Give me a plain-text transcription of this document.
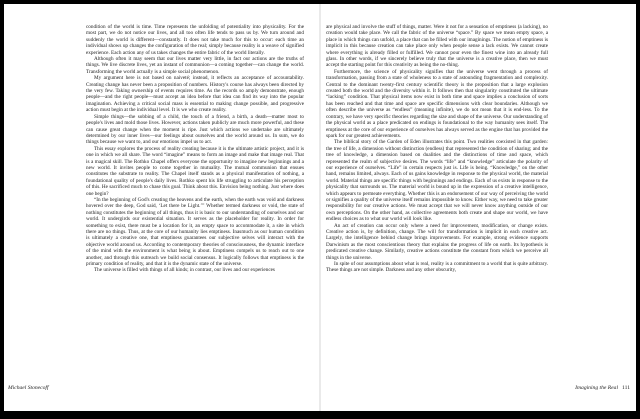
condition of the world is time. Time represents the unfolding of potentiality into physicality. For the most part, we do not notice our lives, and all too often life tends to pass us by. We turn around and suddenly the world is different—constantly. It does not take much for this to occur: each time an individual shows up changes the configuration of the real; simply because reality is a weave of signified experience. Each action any of us takes changes the entire fabric of the world literally.

Although often it may seem that our lives matter very little, in fact our actions are the truths of things. We live discrete lives, yet an instant of communion—a coming together—can change the world. Transforming the world actually is a simple social phenomenon.

My argument here is not based on naiveté; instead, it reflects an acceptance of accountability. Creating change has never been a proposition of numbers. History's course has always been directed by the very few. Taking ownership of events requires time. As the records so amply demonstrate, enough people—and the right people—must accept an idea before that idea can find its way into the popular imagination. Achieving a critical social mass is essential to making change possible, and progressive action must begin at the individual level. It is we who create reality.

Simple things—the sobbing of a child, the touch of a friend, a birth, a death—matter most to people's lives and mold those lives. However, actions taken publicly are much more powerful, and these can cause great change when the moment is ripe. Just which actions we undertake are ultimately determined by our inner lives—our feelings about ourselves and the world around us. In sum, we do things because we want to, and our emotions impel us to act.

This essay explores the process of reality creating because it is the ultimate artistic project, and it is one in which we all share. The word “imagine” means to form an image and make that image real. That is a magical skill. The Rothko Chapel offers everyone the opportunity to imagine new beginnings and a new world. It invites people to come together in mutuality. The mutual communion that ensues constitutes the substrate to reality. The Chapel itself stands as a physical manifestation of nothing, a foundational quality of people's daily lives. Rothko spent his life struggling to articulate his perception of this. He sacrificed much to chase this goal. Think about this. Envision being nothing. Just where does one begin?

“In the beginning of God's creating the heavens and the earth, when the earth was void and darkness hovered over the deep, God said, ‘Let there be Light.’” Whether termed darkness or void, the state of nothing constitutes the beginning of all things, thus it is basic to our understanding of ourselves and our world. It undergirds our existential situation. It serves as the placeholder for reality. In order for something to exist, there must be a location for it, an empty space to accommodate it, a site in which there are no things. Thus, at the core of our humanity lies emptiness. Inasmuch as our human condition is ultimately a creative one, that emptiness guarantees our subjective selves will interact with the objective world around us. According to contemporary theories of consciousness, the dynamic interface of the mind with the environment is what being is about. Emptiness compels us to reach out to one another, and through this outreach we build social consensus. It logically follows that emptiness is the primary condition of reality, and that it is the dynamic state of the universe.

The universe is filled with things of all kinds; in contrast, our lives and our experiences

Michael Stonecoff

are physical and involve the stuff of things, matter. Were it not for a sensation of emptiness (a lacking), no creation would take place. We call the fabric of the universe “space.” By space we mean empty space, a place in which things can unfold, a place that can be filled with our imaginings. The notion of emptiness is implicit in this because creation can take place only when people sense a lack exists. We cannot create where everything is already filled or fulfilled. We cannot pour even the finest wine into an already full glass. In other words, if we sincerely believe truly that the universe is a creative place, then we must accept the starting point for this creativity as being the no-thing.

Furthermore, the science of physicality signifies that the universe went through a process of transformation, passing from a state of wholeness to a state of astounding fragmentation and complexity. Central to the dominant twenty-first century scientific theory is the proposition that a large explosion created both the world and the diversity within it. It follows then that singularity constituted the ultimate “lacking” condition. That physical items now exist in both time and space implies a conclusion of sorts has been reached and that time and space are specific dimensions with clear boundaries. Although we often describe the universe as “endless” (meaning infinite), we do not mean that it is end-less. To the contrary, we have very specific theories regarding the size and shape of the universe. Our understanding of the physical world as a place predicated on endings is foundational to the way humanity sees itself. The emptiness at the core of our experience of ourselves has always served as the engine that has provided the spark for our greatest achievements.

The biblical story of the Garden of Eden illustrates this point. Two realities coexisted in that garden: the tree of life, a dimension without distinction (endless) that represented the condition of sharing; and the tree of knowledge, a dimension based on dualities and the distinctions of time and space, which represented the realm of subjective desires. The words “life” and “knowledge” articulate the polarity of our experience of ourselves. “Life” in certain respects just is. Life is being. “Knowledge,” on the other hand, remains limited, always. Each of us gains knowledge in response to the physical world, the material world. Material things are specific things with beginnings and endings. Each of us exists in response to the physicality that surrounds us. The material world is bound up in the expression of a creative intelligence, which appears to permeate everything. Whether this is an endorsement of our way of perceiving the world or signifies a quality of the universe itself remains impossible to know. Either way, we need to take greater responsibility for our creative actions. We must accept that we will never know anything outside of our own perceptions. On the other hand, as collective agreements both create and shape our world, we have endless choices as to what our world will look like.

An act of creation can occur only where a need for improvement, modification, or change exists. Creative action is, by definition, change. The will for transformation is implicit in each creative act. Largely, the intelligence behind change brings improvements. For example, strong evidence supports Darwinism as the most conscientious theory that explains the progress of life on earth. Its hypothesis is predicated creative change. Similarly, creative actions constitute the constant from which we perceive all things in the universe.

In spite of our assumptions about what is real, reality is a commitment to a world that is quite arbitrary. These things are not simple. Darkness and any other obscurity,

Imagining the Real 111
